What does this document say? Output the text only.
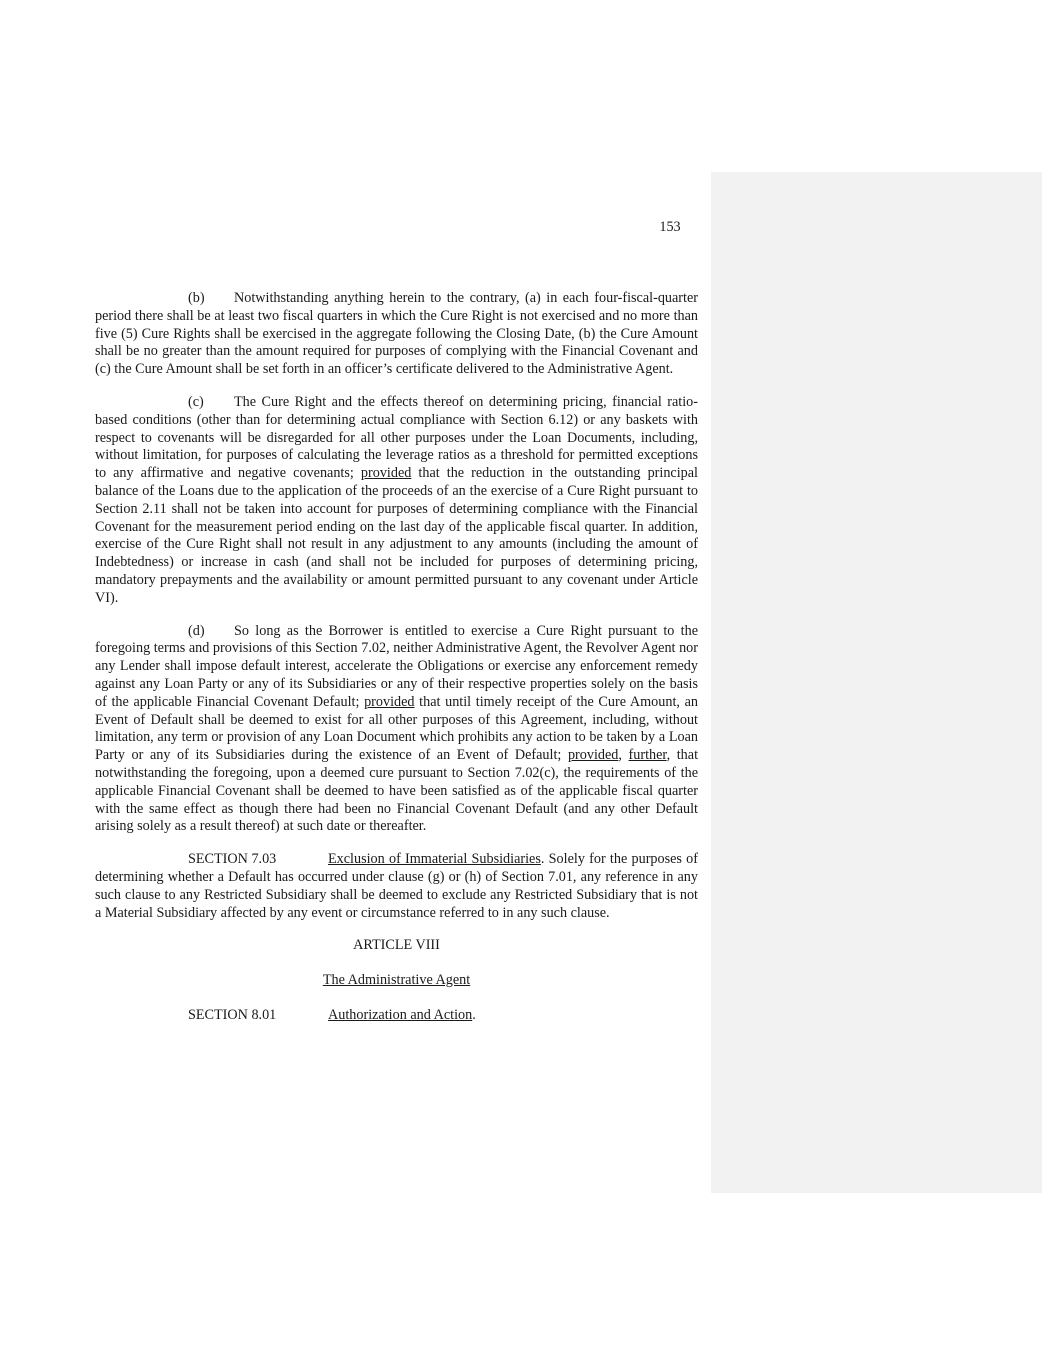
153

(b) Notwithstanding anything herein to the contrary, (a) in each four-fiscal-quarter period there shall be at least two fiscal quarters in which the Cure Right is not exercised and no more than five (5) Cure Rights shall be exercised in the aggregate following the Closing Date, (b) the Cure Amount shall be no greater than the amount required for purposes of complying with the Financial Covenant and (c) the Cure Amount shall be set forth in an officer’s certificate delivered to the Administrative Agent.

(c) The Cure Right and the effects thereof on determining pricing, financial ratio-based conditions (other than for determining actual compliance with Section 6.12) or any baskets with respect to covenants will be disregarded for all other purposes under the Loan Documents, including, without limitation, for purposes of calculating the leverage ratios as a threshold for permitted exceptions to any affirmative and negative covenants; provided that the reduction in the outstanding principal balance of the Loans due to the application of the proceeds of an the exercise of a Cure Right pursuant to Section 2.11 shall not be taken into account for purposes of determining compliance with the Financial Covenant for the measurement period ending on the last day of the applicable fiscal quarter. In addition, exercise of the Cure Right shall not result in any adjustment to any amounts (including the amount of Indebtedness) or increase in cash (and shall not be included for purposes of determining pricing, mandatory prepayments and the availability or amount permitted pursuant to any covenant under Article VI).

(d) So long as the Borrower is entitled to exercise a Cure Right pursuant to the foregoing terms and provisions of this Section 7.02, neither Administrative Agent, the Revolver Agent nor any Lender shall impose default interest, accelerate the Obligations or exercise any enforcement remedy against any Loan Party or any of its Subsidiaries or any of their respective properties solely on the basis of the applicable Financial Covenant Default; provided that until timely receipt of the Cure Amount, an Event of Default shall be deemed to exist for all other purposes of this Agreement, including, without limitation, any term or provision of any Loan Document which prohibits any action to be taken by a Loan Party or any of its Subsidiaries during the existence of an Event of Default; provided, further, that notwithstanding the foregoing, upon a deemed cure pursuant to Section 7.02(c), the requirements of the applicable Financial Covenant shall be deemed to have been satisfied as of the applicable fiscal quarter with the same effect as though there had been no Financial Covenant Default (and any other Default arising solely as a result thereof) at such date or thereafter.

SECTION 7.03	Exclusion of Immaterial Subsidiaries. Solely for the purposes of determining whether a Default has occurred under clause (g) or (h) of Section 7.01, any reference in any such clause to any Restricted Subsidiary shall be deemed to exclude any Restricted Subsidiary that is not a Material Subsidiary affected by any event or circumstance referred to in any such clause.

ARTICLE VIII

The Administrative Agent

SECTION 8.01	Authorization and Action.
